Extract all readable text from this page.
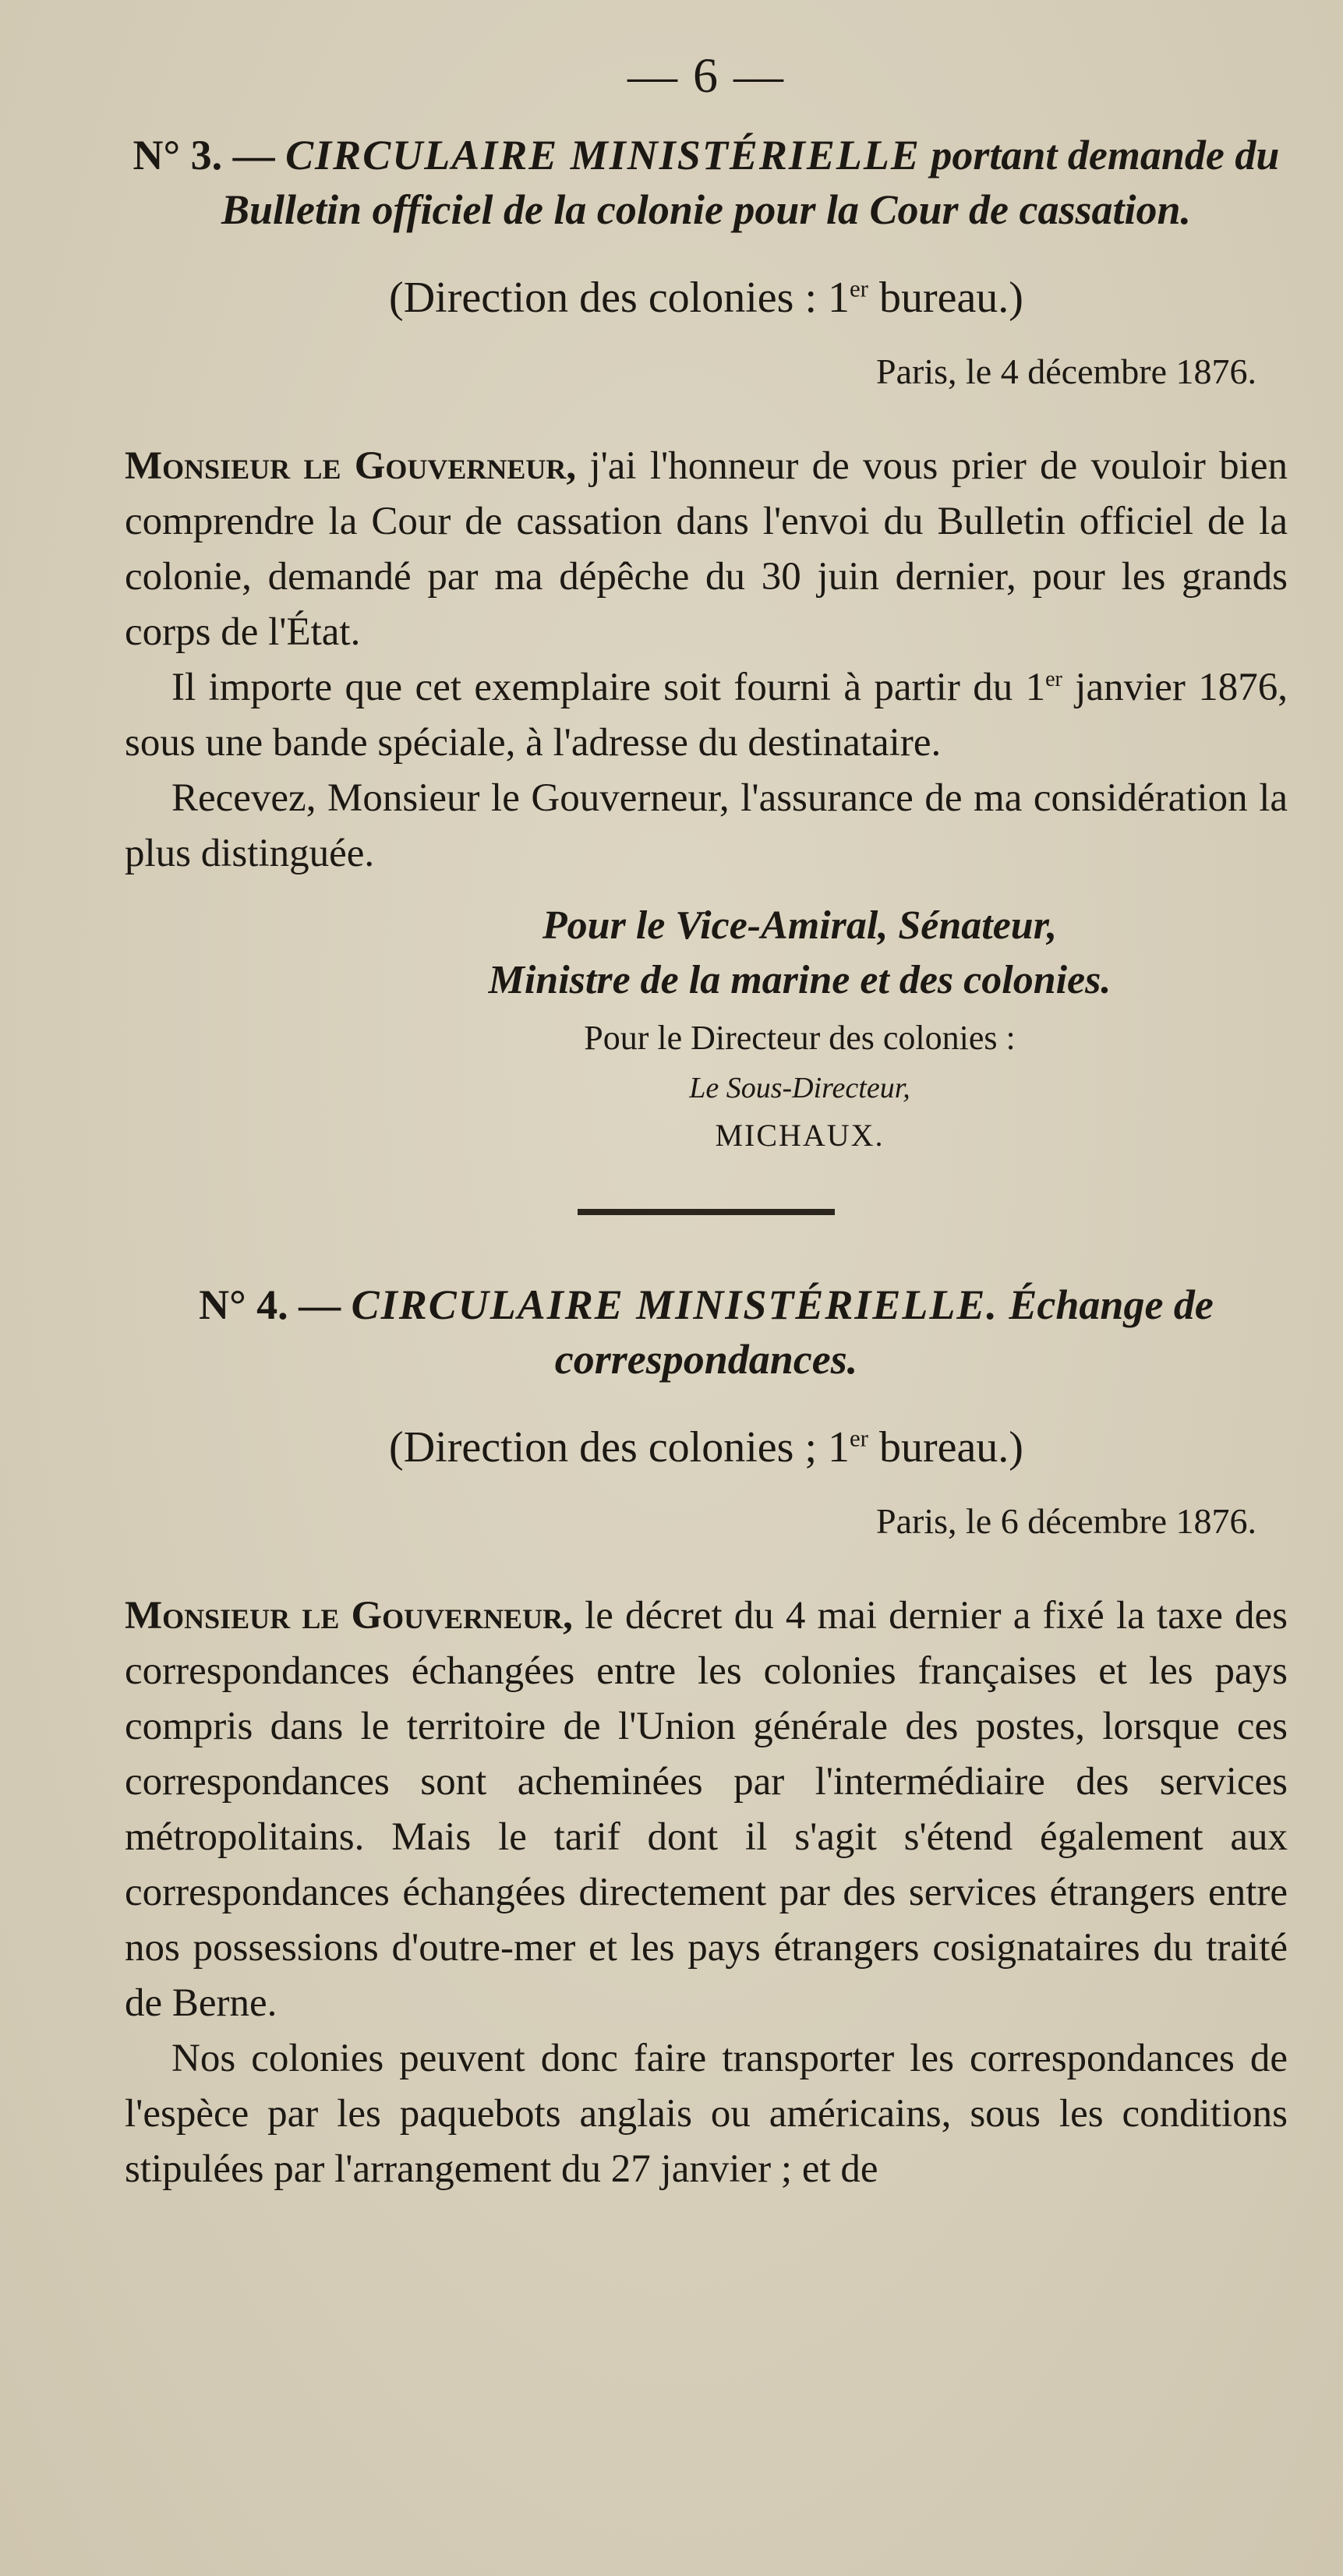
— 6 —
N° 3. — CIRCULAIRE MINISTÉRIELLE portant demande du Bulletin officiel de la colonie pour la Cour de cassation.
(Direction des colonies : 1er bureau.)
Paris, le 4 décembre 1876.

Monsieur le Gouverneur, j'ai l'honneur de vous prier de vouloir bien comprendre la Cour de cassation dans l'envoi du Bulletin officiel de la colonie, demandé par ma dépêche du 30 juin dernier, pour les grands corps de l'État.

Il importe que cet exemplaire soit fourni à partir du 1er janvier 1876, sous une bande spéciale, à l'adresse du destinataire.

Recevez, Monsieur le Gouverneur, l'assurance de ma considération la plus distinguée.

Pour le Vice-Amiral, Sénateur,
Ministre de la marine et des colonies.
Pour le Directeur des colonies :
Le Sous-Directeur,
MICHAUX.
N° 4. — CIRCULAIRE MINISTÉRIELLE. Échange de correspondances.
(Direction des colonies ; 1er bureau.)
Paris, le 6 décembre 1876.

Monsieur le Gouverneur, le décret du 4 mai dernier a fixé la taxe des correspondances échangées entre les colonies françaises et les pays compris dans le territoire de l'Union générale des postes, lorsque ces correspondances sont acheminées par l'intermédiaire des services métropolitains. Mais le tarif dont il s'agit s'étend également aux correspondances échangées directement par des services étrangers entre nos possessions d'outre-mer et les pays étrangers cosignataires du traité de Berne.

Nos colonies peuvent donc faire transporter les correspondances de l'espèce par les paquebots anglais ou américains, sous les conditions stipulées par l'arrangement du 27 janvier ; et de
